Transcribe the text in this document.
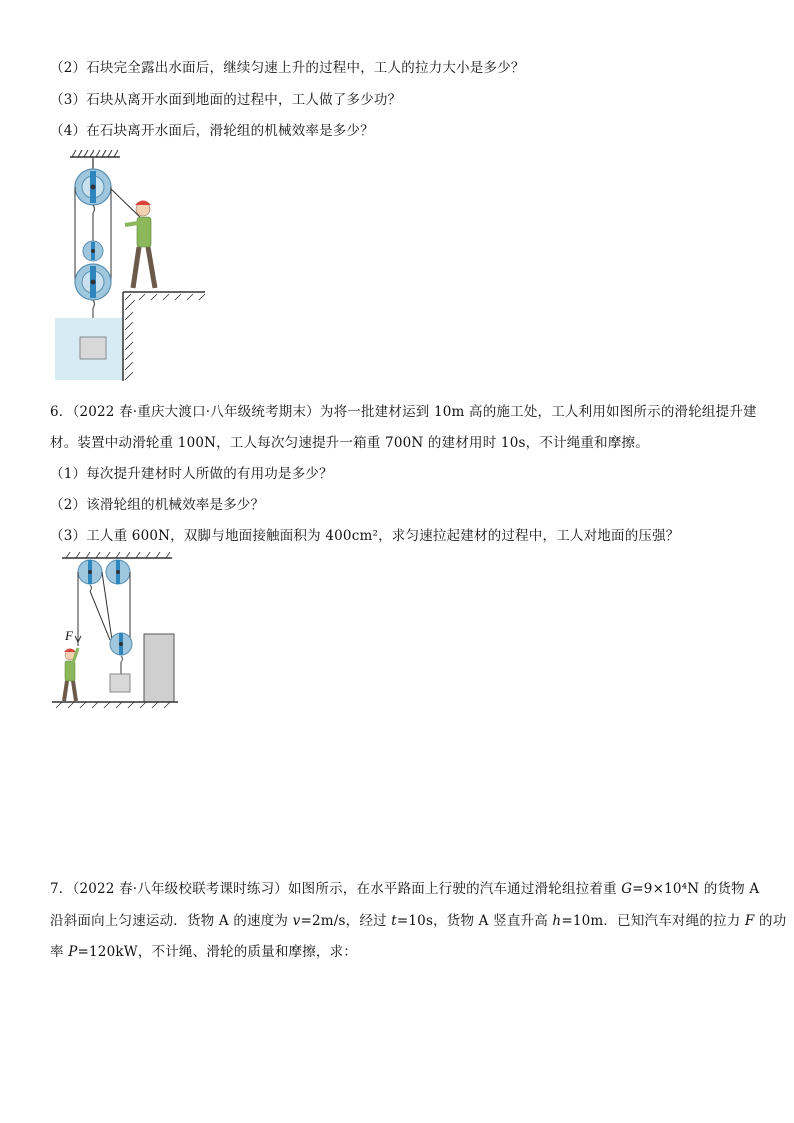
（2）石块完全露出水面后，继续匀速上升的过程中，工人的拉力大小是多少？
（3）石块从离开水面到地面的过程中，工人做了多少功？
（4）在石块离开水面后，滑轮组的机械效率是多少？
6．（2022 春·重庆大渡口·八年级统考期末）为将一批建材运到 10m 高的施工处，工人利用如图所示的滑轮组提升建
材。装置中动滑轮重 100N，工人每次匀速提升一箱重 700N 的建材用时 10s，不计绳重和摩擦。
（1）每次提升建材时人所做的有用功是多少？
（2）该滑轮组的机械效率是多少？
（3）工人重 600N，双脚与地面接触面积为 400cm²，求匀速拉起建材的过程中，工人对地面的压强？
F
7．（2022 春·八年级校联考课时练习）如图所示，在水平路面上行驶的汽车通过滑轮组拉着重 G=9×10⁴N 的货物 A
沿斜面向上匀速运动．货物 A 的速度为 v=2m/s，经过 t=10s，货物 A 竖直升高 h=10m．已知汽车对绳的拉力 F 的功
率 P=120kW，不计绳、滑轮的质量和摩擦，求：
